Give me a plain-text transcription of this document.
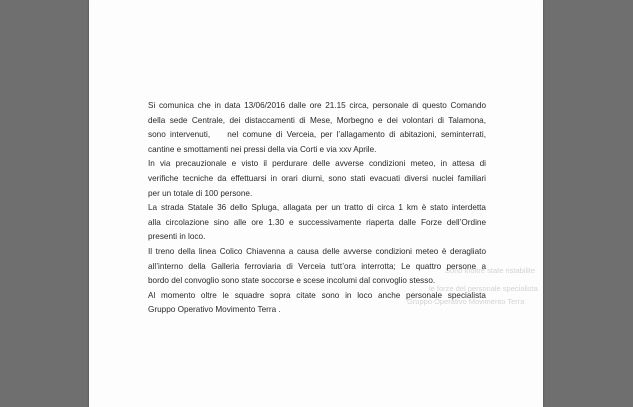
Sono inoltre state ristabilite
le forze del personale specialista
Gruppo Operativo Movimento Terra

Si comunica che in data 13/06/2016 dalle ore 21.15 circa, personale di questo Comando

della sede Centrale, dei distaccamenti di Mese, Morbegno e dei volontari di Talamona,

sono intervenuti,    nel comune di Verceia, per l’allagamento di abitazioni, seminterrati,

cantine e smottamenti nei pressi della via Corti e via xxv Aprile.

In via precauzionale e visto il perdurare delle avverse condizioni meteo, in attesa di

verifiche tecniche da effettuarsi in orari diurni, sono stati evacuati diversi nuclei familiari

per un totale di 100 persone.

La strada Statale 36 dello Spluga, allagata per un tratto di circa 1 km è stato interdetta

alla circolazione sino alle ore 1.30 e successivamente riaperta dalle Forze dell’Ordine

presenti in loco.

Il treno della linea Colico Chiavenna a causa delle avverse condizioni meteo è deragliato

all’interno della Galleria ferroviaria di Verceia tutt’ora interrotta; Le quattro persone a

bordo del convoglio sono state soccorse e scese incolumi dal convoglio stesso.

Al momento oltre le squadre sopra citate sono in loco anche personale specialista

Gruppo Operativo Movimento Terra .
